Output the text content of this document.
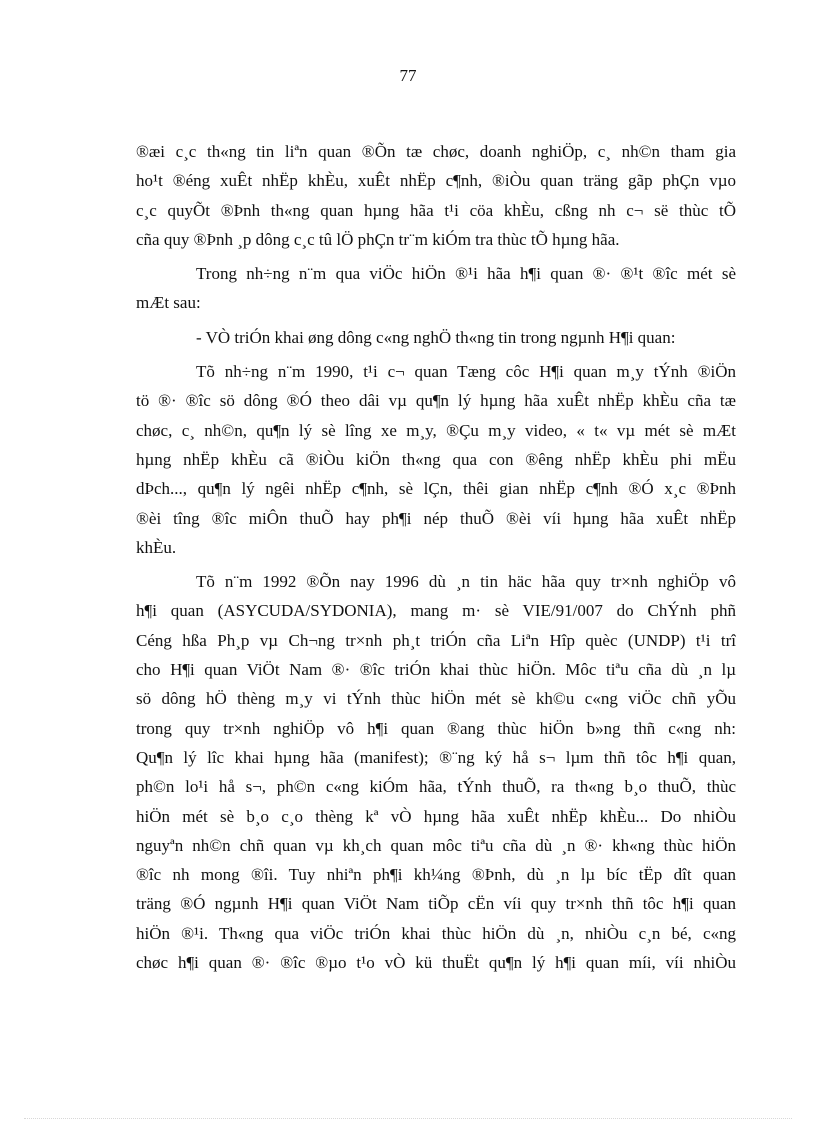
77

®æi c¸c th«ng tin liªn quan ®Õn tæ chøc, doanh nghiÖp, c¸ nh©n tham gia
ho¹t ®éng xuÊt nhËp khÈu, xuÊt nhËp c¶nh, ®iÒu quan träng gãp phÇn vµo
c¸c quyÕt ®Þnh th«ng quan hµng hãa t¹i cöa khÈu, cßng nh c¬ së thùc tÕ
cña quy ®Þnh ¸p dông c¸c tû lÖ phÇn tr¨m kiÓm tra thùc tÕ hµng hãa.

Trong nh÷ng n¨m qua viÖc hiÖn ®¹i hãa h¶i quan ®· ®¹t ®îc mét sè
mÆt sau:

- VÒ triÓn khai øng dông c«ng nghÖ th«ng tin trong ngµnh H¶i quan:

Tõ nh÷ng n¨m 1990, t¹i c¬ quan Tæng côc H¶i quan m¸y tÝnh ®iÖn
tö ®· ®îc sö dông ®Ó theo dâi vµ qu¶n lý hµng hãa xuÊt nhËp khÈu cña tæ
chøc, c¸ nh©n, qu¶n lý sè lîng xe m¸y, ®Çu m¸y video, « t« vµ mét sè mÆt
hµng nhËp khÈu cã ®iÒu kiÖn th«ng qua con ®êng nhËp khÈu phi mËu
dÞch..., qu¶n lý ngêi nhËp c¶nh, sè lÇn, thêi gian nhËp c¶nh ®Ó x¸c ®Þnh
®èi tîng ®îc miÔn thuÕ hay ph¶i nép thuÕ ®èi víi hµng hãa xuÊt nhËp
khÈu.

Tõ n¨m 1992 ®Õn nay 1996 dù ¸n tin häc hãa quy tr×nh nghiÖp vô
h¶i quan (ASYCUDA/SYDONIA), mang m· sè VIE/91/007 do ChÝnh phñ
Céng hßa Ph¸p vµ Ch¬ng tr×nh ph¸t triÓn cña Liªn Hîp quèc (UNDP) t¹i trî
cho H¶i quan ViÖt Nam ®· ®îc triÓn khai thùc hiÖn. Môc tiªu cña dù ¸n lµ
sö dông hÖ thèng m¸y vi tÝnh thùc hiÖn mét sè kh©u c«ng viÖc chñ yÕu
trong quy tr×nh nghiÖp vô h¶i quan ®ang thùc hiÖn b»ng thñ c«ng nh:
Qu¶n lý lîc khai hµng hãa (manifest); ®¨ng ký hå s¬ lµm thñ tôc h¶i quan,
ph©n lo¹i hå s¬, ph©n c«ng kiÓm hãa, tÝnh thuÕ, ra th«ng b¸o thuÕ, thùc
hiÖn mét sè b¸o c¸o thèng kª vÒ hµng hãa xuÊt nhËp khÈu... Do nhiÒu
nguyªn nh©n chñ quan vµ kh¸ch quan môc tiªu cña dù ¸n ®· kh«ng thùc hiÖn
®îc nh mong ®îi. Tuy nhiªn ph¶i kh¼ng ®Þnh, dù ¸n lµ bíc tËp dît quan
träng ®Ó ngµnh H¶i quan ViÖt Nam tiÕp cËn víi quy tr×nh thñ tôc h¶i quan
hiÖn ®¹i. Th«ng qua viÖc triÓn khai thùc hiÖn dù ¸n, nhiÒu c¸n bé, c«ng
chøc h¶i quan ®· ®îc ®µo t¹o vÒ kü thuËt qu¶n lý h¶i quan míi, víi nhiÒu
